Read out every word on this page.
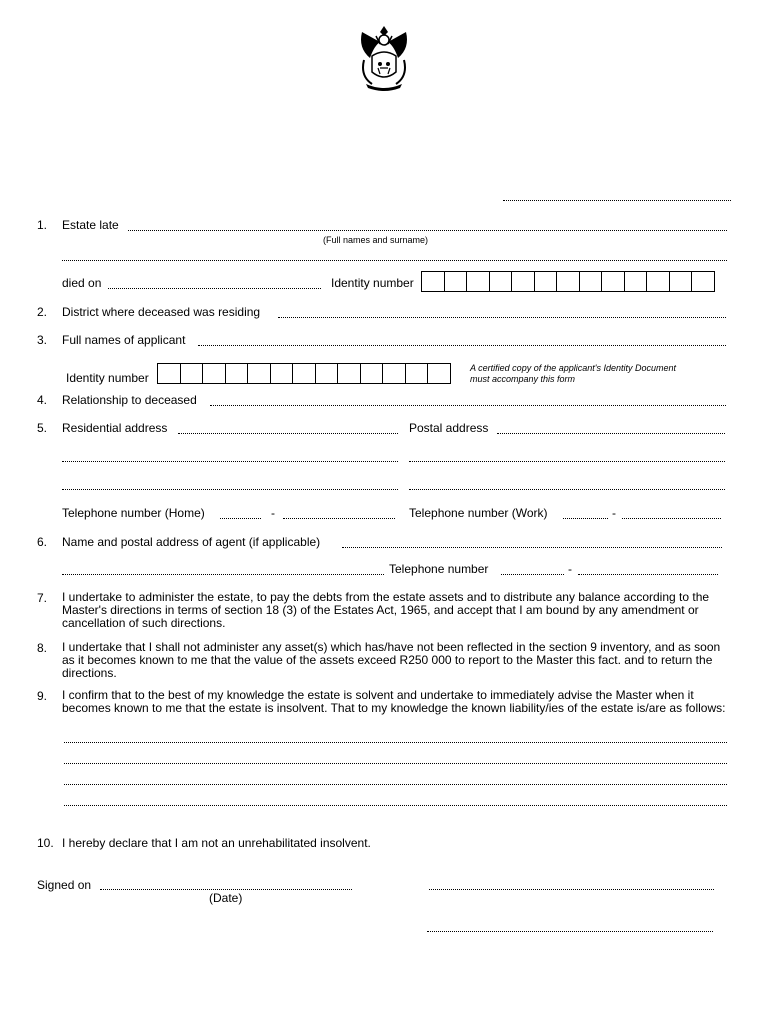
1. Estate late
(Full names and surname)
died on	Identity number
2. District where deceased was residing
3. Full names of applicant
Identity number
A certified copy of the applicant's Identity Document
must accompany this form
4. Relationship to deceased
5. Residential address	Postal address
Telephone number (Home)	-	Telephone number (Work)	-
6. Name and postal address of agent (if applicable)
Telephone number	-
7. I undertake to administer the estate, to pay the debts from the estate assets and to distribute any balance according to the Master's directions in terms of section 18 (3) of the Estates Act, 1965, and accept that I am bound by any amendment or cancellation of such directions.
8. I undertake that I shall not administer any asset(s) which has/have not been reflected in the section 9 inventory, and as soon as it becomes known to me that the value of the assets exceed R250 000 to report to the Master this fact. and to return the directions.
9. I confirm that to the best of my knowledge the estate is solvent and undertake to immediately advise the Master when it becomes known to me that the estate is insolvent. That to my knowledge the known liability/ies of the estate is/are as follows:
10. I hereby declare that I am not an unrehabilitated insolvent.
Signed on
(Date)
